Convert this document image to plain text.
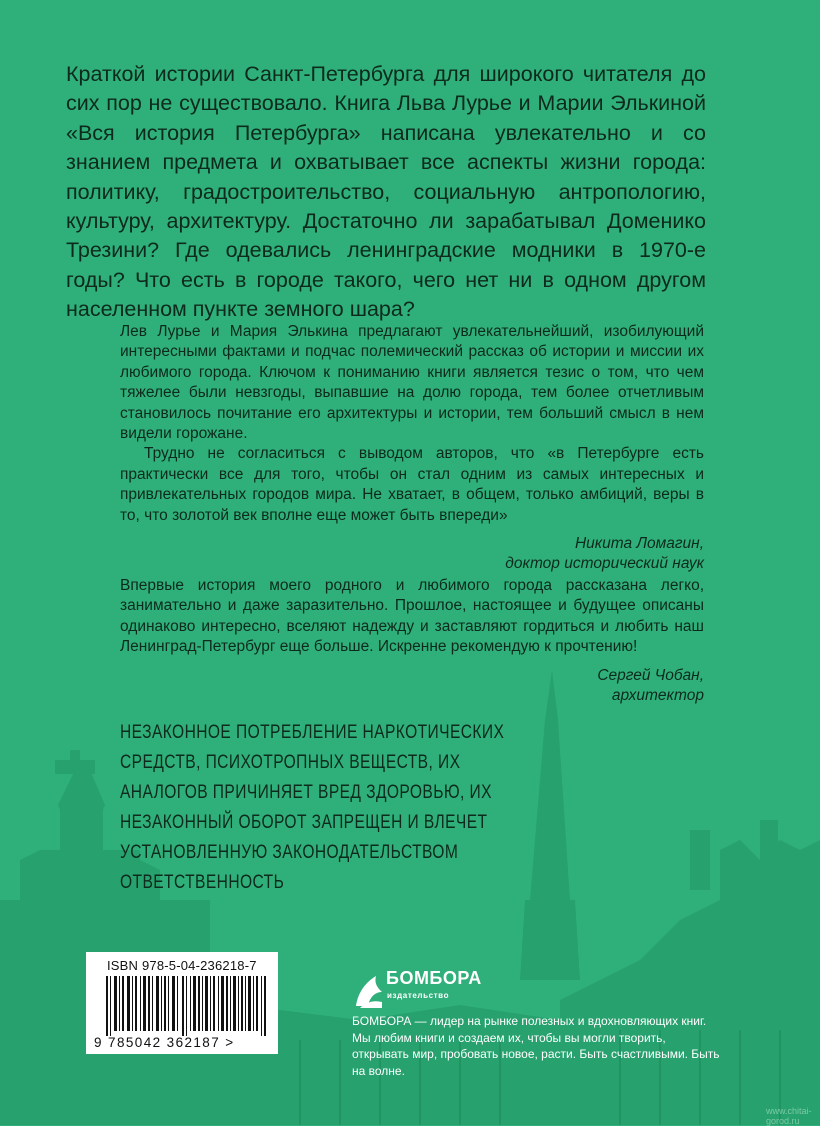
Краткой истории Санкт-Петербурга для широкого читателя до сих пор не существовало. Книга Льва Лурье и Марии Элькиной «Вся история Петербурга» написана увлекательно и со знанием предмета и охватывает все аспекты жизни города: политику, градостроительство, социальную антропологию, культуру, архитектуру. Достаточно ли зарабатывал Доменико Трезини? Где одевались ленинградские модники в 1970-е годы? Что есть в городе такого, чего нет ни в одном другом населенном пункте земного шара?

Лев Лурье и Мария Элькина предлагают увлекательнейший, изобилующий интересными фактами и подчас полемический рассказ об истории и миссии их любимого города. Ключом к пониманию книги является тезис о том, что чем тяжелее были невзгоды, выпавшие на долю города, тем более отчетливым становилось почитание его архитектуры и истории, тем больший смысл в нем видели горожане.

Трудно не согласиться с выводом авторов, что «в Петербурге есть практически все для того, чтобы он стал одним из самых интересных и привлекательных городов мира. Не хватает, в общем, только амбиций, веры в то, что золотой век вполне еще может быть впереди»

Никита Ломагин,
доктор исторический наук

Впервые история моего родного и любимого города рассказана легко, занимательно и даже заразительно. Прошлое, настоящее и будущее описаны одинаково интересно, вселяют надежду и заставляют гордиться и любить наш Ленинград-Петербург еще больше. Искренне рекомендую к прочтению!

Сергей Чобан,
архитектор

НЕЗАКОННОЕ ПОТРЕБЛЕНИЕ НАРКОТИЧЕСКИХ СРЕДСТВ, ПСИХОТРОПНЫХ ВЕЩЕСТВ, ИХ АНАЛОГОВ ПРИЧИНЯЕТ ВРЕД ЗДОРОВЬЮ, ИХ НЕЗАКОННЫЙ ОБОРОТ ЗАПРЕЩЕН И ВЛЕЧЕТ УСТАНОВЛЕННУЮ ЗАКОНОДАТЕЛЬСТВОМ ОТВЕТСТВЕННОСТЬ
ISBN 978-5-04-236218-7
9 785042 362187 >
БОМБОРА
издательство

БОМБОРА — лидер на рынке полезных и вдохновляющих книг. Мы любим книги и создаем их, чтобы вы могли творить, открывать мир, пробовать новое, расти. Быть счастливыми. Быть на волне.

www.chitai-gorod.ru
